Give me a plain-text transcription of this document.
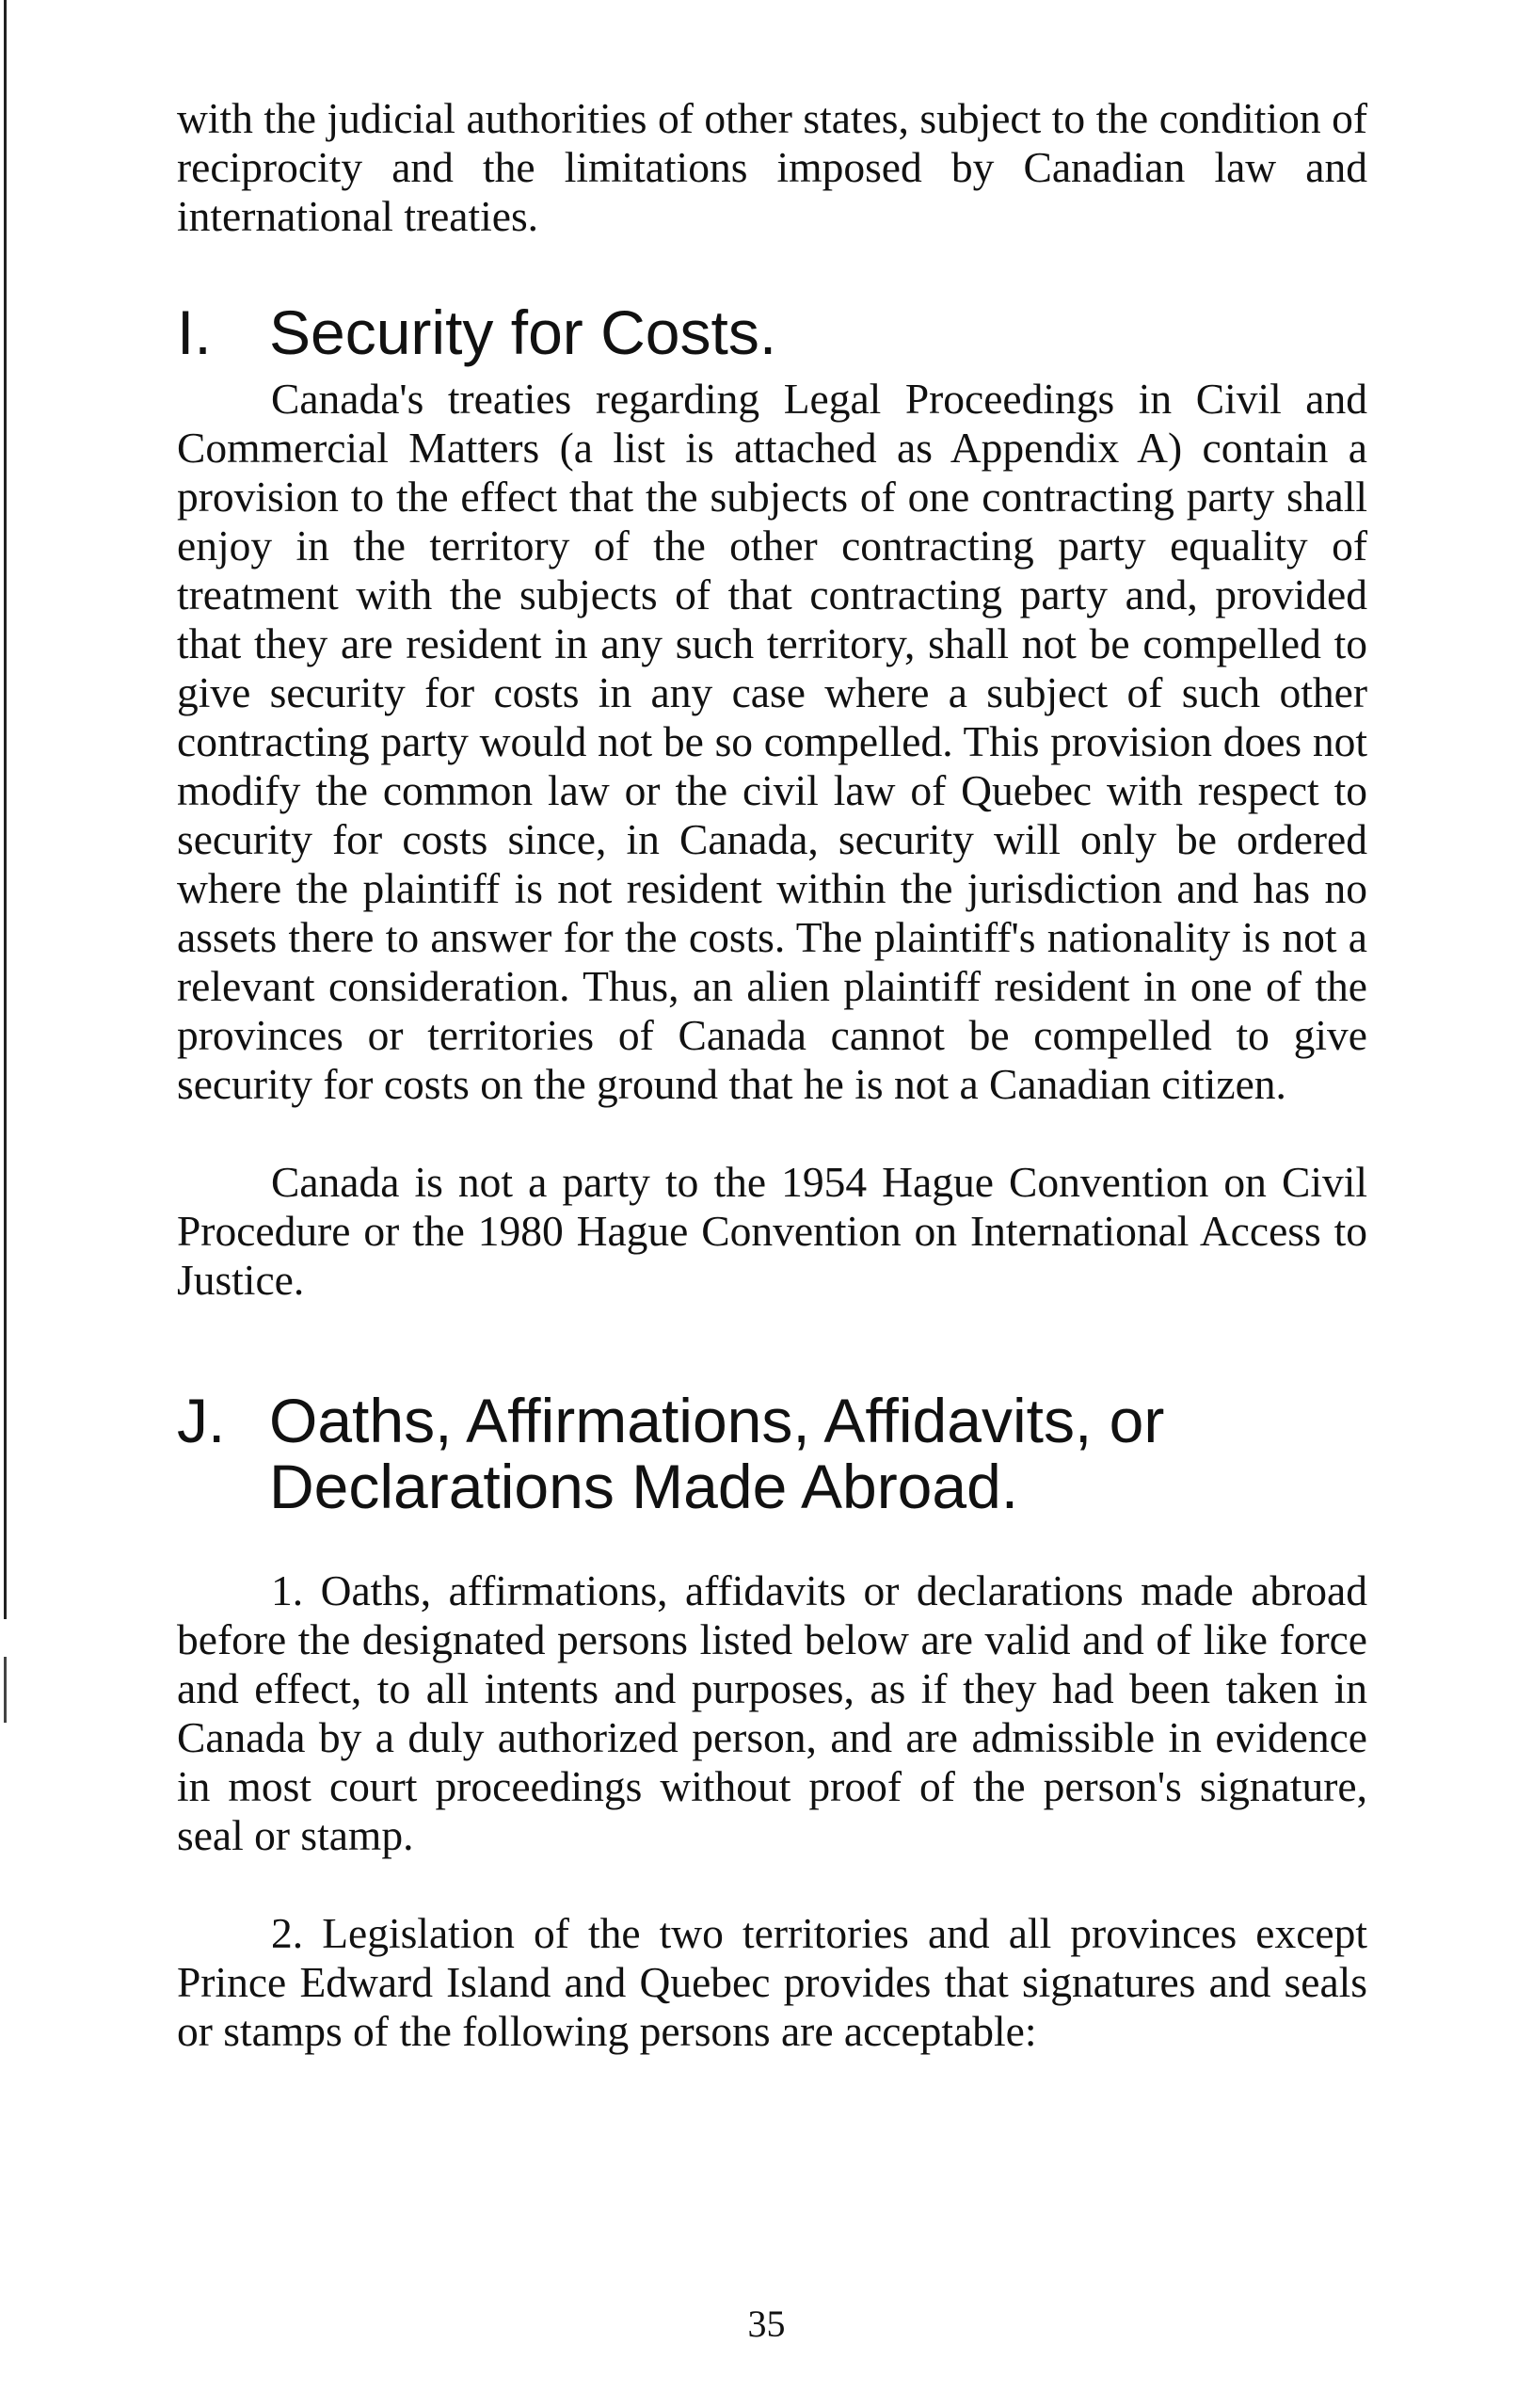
with the judicial authorities of other states, subject to the condition of reciprocity and the limitations imposed by Canadian law and international treaties.

I. Security for Costs.

Canada's treaties regarding Legal Proceedings in Civil and Commercial Matters (a list is attached as Appendix A) contain a provision to the effect that the subjects of one contracting party shall enjoy in the territory of the other contracting party equality of treatment with the subjects of that contracting party and, provided that they are resident in any such territory, shall not be compelled to give security for costs in any case where a subject of such other contracting party would not be so compelled. This provision does not modify the common law or the civil law of Quebec with respect to security for costs since, in Canada, security will only be ordered where the plaintiff is not resident within the jurisdiction and has no assets there to answer for the costs. The plaintiff's nationality is not a relevant consideration. Thus, an alien plaintiff resident in one of the provinces or territories of Canada cannot be compelled to give security for costs on the ground that he is not a Canadian citizen.

Canada is not a party to the 1954 Hague Convention on Civil Procedure or the 1980 Hague Convention on International Access to Justice.

J. Oaths, Affirmations, Affidavits, or Declarations Made Abroad.

1. Oaths, affirmations, affidavits or declarations made abroad before the designated persons listed below are valid and of like force and effect, to all intents and purposes, as if they had been taken in Canada by a duly authorized person, and are admissible in evidence in most court proceedings without proof of the person's signature, seal or stamp.

2. Legislation of the two territories and all provinces except Prince Edward Island and Quebec provides that signatures and seals or stamps of the following persons are acceptable:

35
